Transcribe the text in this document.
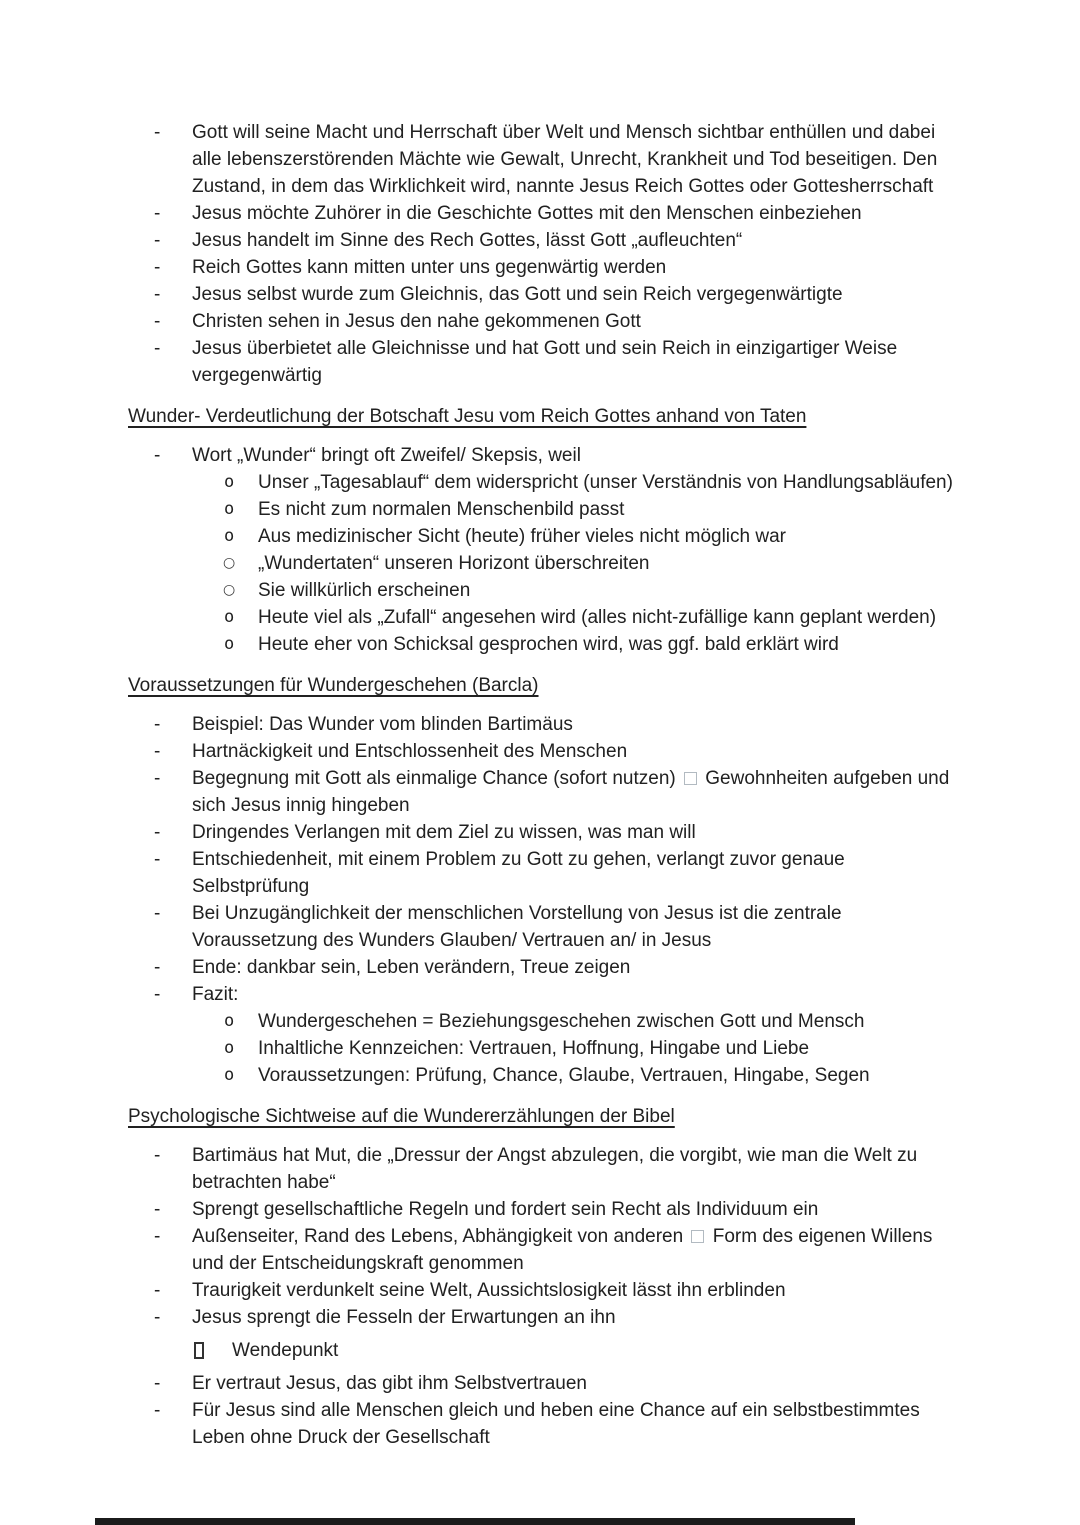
- Gott will seine Macht und Herrschaft über Welt und Mensch sichtbar enthüllen und dabei alle lebenszerstörenden Mächte wie Gewalt, Unrecht, Krankheit und Tod beseitigen. Den Zustand, in dem das Wirklichkeit wird, nannte Jesus Reich Gottes oder Gottesherrschaft
- Jesus möchte Zuhörer in die Geschichte Gottes mit den Menschen einbeziehen
- Jesus handelt im Sinne des Rech Gottes, lässt Gott „aufleuchten“
- Reich Gottes kann mitten unter uns gegenwärtig werden
- Jesus selbst wurde zum Gleichnis, das Gott und sein Reich vergegenwärtigte
- Christen sehen in Jesus den nahe gekommenen Gott
- Jesus überbietet alle Gleichnisse und hat Gott und sein Reich in einzigartiger Weise vergegenwärtig
Wunder- Verdeutlichung der Botschaft Jesu vom Reich Gottes anhand von Taten
- Wort „Wunder“ bringt oft Zweifel/ Skepsis, weil
o Unser „Tagesablauf“ dem widerspricht (unser Verständnis von Handlungsabläufen)
o Es nicht zum normalen Menschenbild passt
o Aus medizinischer Sicht (heute) früher vieles nicht möglich war
○ „Wundertaten“ unseren Horizont überschreiten
○ Sie willkürlich erscheinen
o Heute viel als „Zufall“ angesehen wird (alles nicht-zufällige kann geplant werden)
o Heute eher von Schicksal gesprochen wird, was ggf. bald erklärt wird
Voraussetzungen für Wundergeschehen (Barcla)
- Beispiel: Das Wunder vom blinden Bartimäus
- Hartnäckigkeit und Entschlossenheit des Menschen
- Begegnung mit Gott als einmalige Chance (sofort nutzen)  Gewohnheiten aufgeben und sich Jesus innig hingeben
- Dringendes Verlangen mit dem Ziel zu wissen, was man will
- Entschiedenheit, mit einem Problem zu Gott zu gehen, verlangt zuvor genaue Selbstprüfung
- Bei Unzugänglichkeit der menschlichen Vorstellung von Jesus ist die zentrale Voraussetzung des Wunders Glauben/ Vertrauen an/ in Jesus
- Ende: dankbar sein, Leben verändern, Treue zeigen
- Fazit:
o Wundergeschehen = Beziehungsgeschehen zwischen Gott und Mensch
o Inhaltliche Kennzeichen: Vertrauen, Hoffnung, Hingabe und Liebe
o Voraussetzungen: Prüfung, Chance, Glaube, Vertrauen, Hingabe, Segen
Psychologische Sichtweise auf die Wundererzählungen der Bibel
- Bartimäus hat Mut, die „Dressur der Angst abzulegen, die vorgibt, wie man die Welt zu betrachten habe“
- Sprengt gesellschaftliche Regeln und fordert sein Recht als Individuum ein
- Außenseiter, Rand des Lebens, Abhängigkeit von anderen  Form des eigenen Willens und der Entscheidungskraft genommen
- Traurigkeit verdunkelt seine Welt, Aussichtslosigkeit lässt ihn erblinden
- Jesus sprengt die Fesseln der Erwartungen an ihn
Wendepunkt
- Er vertraut Jesus, das gibt ihm Selbstvertrauen
- Für Jesus sind alle Menschen gleich und heben eine Chance auf ein selbstbestimmtes Leben ohne Druck der Gesellschaft
